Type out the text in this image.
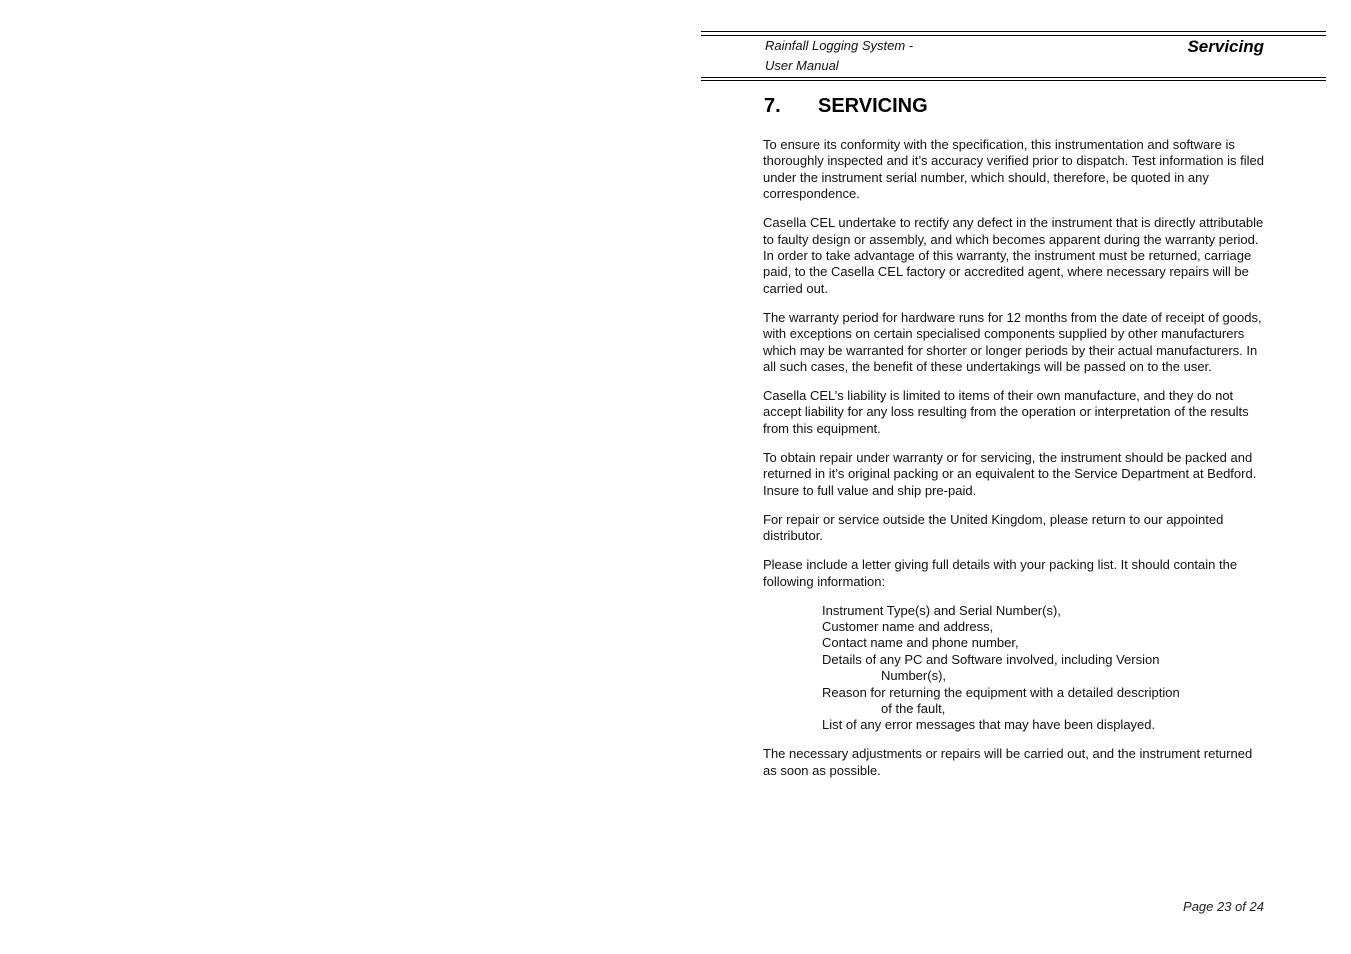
Rainfall Logging System -
User Manual
Servicing
7. SERVICING

To ensure its conformity with the specification, this instrumentation and software is thoroughly inspected and it’s accuracy verified prior to dispatch. Test information is filed under the instrument serial number, which should, therefore, be quoted in any correspondence.

Casella CEL undertake to rectify any defect in the instrument that is directly attributable to faulty design or assembly, and which becomes apparent during the warranty period. In order to take advantage of this warranty, the instrument must be returned, carriage paid, to the Casella CEL factory or accredited agent, where necessary repairs will be carried out.

The warranty period for hardware runs for 12 months from the date of receipt of goods, with exceptions on certain specialised components supplied by other manufacturers which may be warranted for shorter or longer periods by their actual manufacturers. In all such cases, the benefit of these undertakings will be passed on to the user.

Casella CEL’s liability is limited to items of their own manufacture, and they do not accept liability for any loss resulting from the operation or interpretation of the results from this equipment.

To obtain repair under warranty or for servicing, the instrument should be packed and returned in it’s original packing or an equivalent to the Service Department at Bedford. Insure to full value and ship pre-paid.

For repair or service outside the United Kingdom, please return to our appointed distributor.

Please include a letter giving full details with your packing list. It should contain the following information:

Instrument Type(s) and Serial Number(s),
Customer name and address,
Contact name and phone number,
Details of any PC and Software involved, including Version
Number(s),
Reason for returning the equipment with a detailed description
of the fault,
List of any error messages that may have been displayed.

The necessary adjustments or repairs will be carried out, and the instrument returned as soon as possible.

Page 23 of 24
